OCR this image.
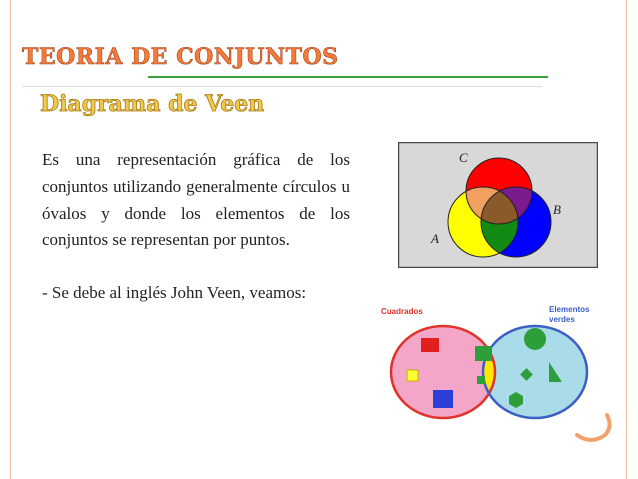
TEORIA DE CONJUNTOS
Diagrama de Veen

Es una representación gráfica de los conjuntos utilizando generalmente círculos u óvalos y donde los elementos de los conjuntos se representan por puntos.

- Se debe al inglés John Veen, veamos:

C
B
A
Cuadrados	Elementos
verdes
